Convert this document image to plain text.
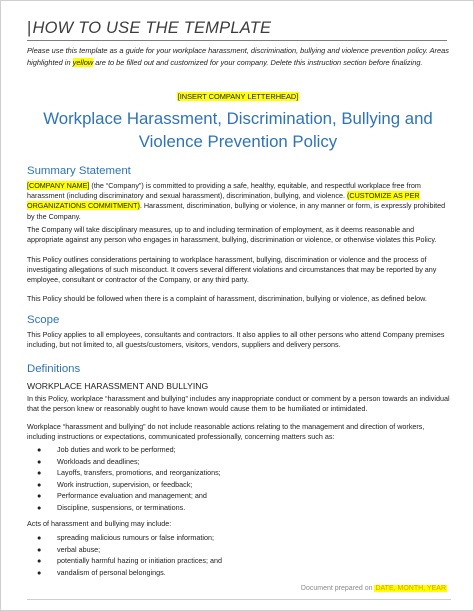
|HOW TO USE THE TEMPLATE
Please use this template as a guide for your workplace harassment, discrimination, bullying and violence prevention policy. Areas highlighted in yellow are to be filled out and customized for your company. Delete this instruction section before finalizing.
[INSERT COMPANY LETTERHEAD]
Workplace Harassment, Discrimination, Bullying and Violence Prevention Policy
Summary Statement
[COMPANY NAME] (the “Company”) is committed to providing a safe, healthy, equitable, and respectful workplace free from harassment (including discriminatory and sexual harassment), discrimination, bullying, and violence. (CUSTOMIZE AS PER ORGANIZATIONS COMMITMENT). Harassment, discrimination, bullying or violence, in any manner or form, is expressly prohibited by the Company.
The Company will take disciplinary measures, up to and including termination of employment, as it deems reasonable and appropriate against any person who engages in harassment, bullying, discrimination or violence, or otherwise violates this Policy.
This Policy outlines considerations pertaining to workplace harassment, bullying, discrimination or violence and the process of investigating allegations of such misconduct. It covers several different violations and circumstances that may be reported by any employee, consultant or contractor of the Company, or any third party.
This Policy should be followed when there is a complaint of harassment, discrimination, bullying or violence, as defined below.
Scope
This Policy applies to all employees, consultants and contractors. It also applies to all other persons who attend Company premises including, but not limited to, all guests/customers, visitors, vendors, suppliers and delivery persons.
Definitions
WORKPLACE HARASSMENT AND BULLYING
In this Policy, workplace “harassment and bullying” includes any inappropriate conduct or comment by a person towards an individual that the person knew or reasonably ought to have known would cause them to be humiliated or intimidated.
Workplace “harassment and bullying” do not include reasonable actions relating to the management and direction of workers, including instructions or expectations, communicated professionally, concerning matters such as:
● Job duties and work to be performed;
● Workloads and deadlines;
● Layoffs, transfers, promotions, and reorganizations;
● Work instruction, supervision, or feedback;
● Performance evaluation and management; and
● Discipline, suspensions, or terminations.
Acts of harassment and bullying may include:
● spreading malicious rumours or false information;
● verbal abuse;
● potentially harmful hazing or initiation practices; and
● vandalism of personal belongings.
Document prepared on DATE, MONTH, YEAR
